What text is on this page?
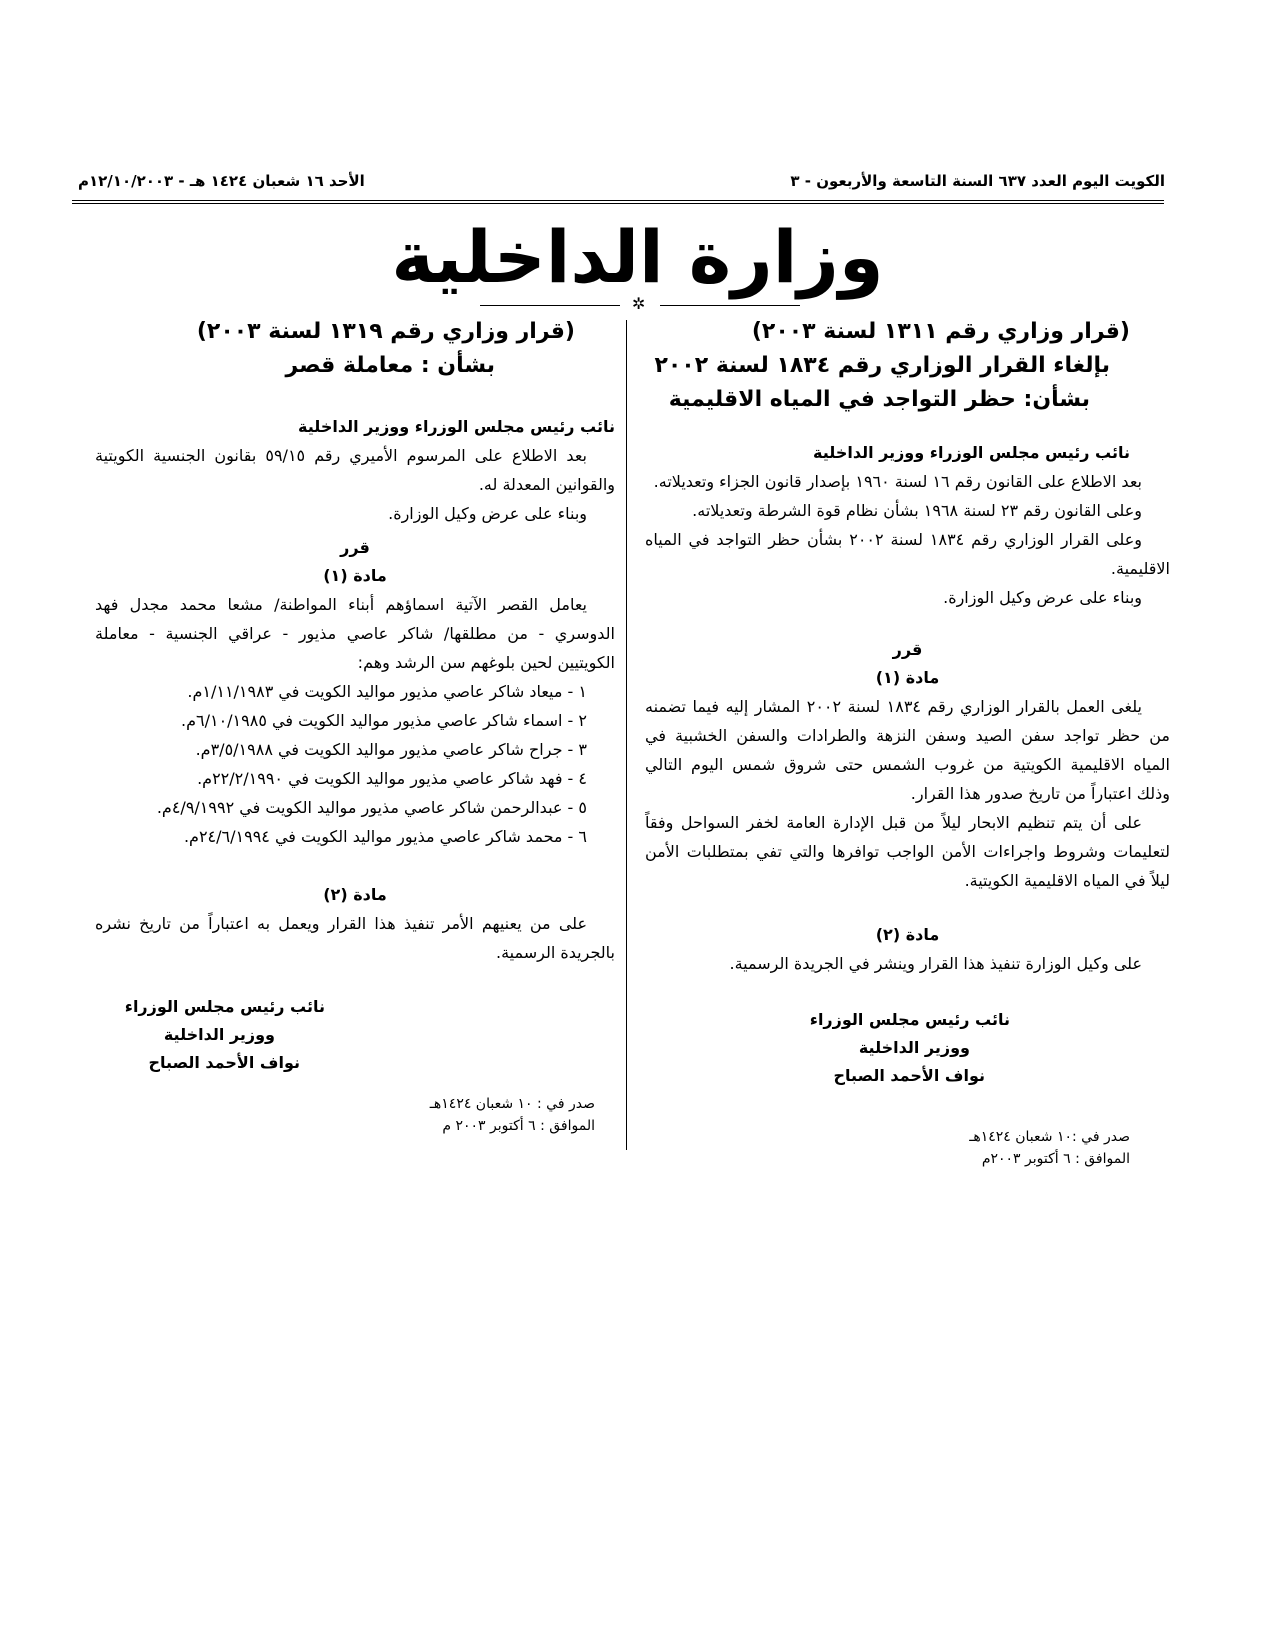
الكويت اليوم العدد ٦٣٧ السنة التاسعة والأربعون - ٣
الأحد ١٦ شعبان ١٤٢٤ هـ - ١٢/١٠/٢٠٠٣م
وزارة الداخلية
✲
(قرار وزاري رقم ١٣١١ لسنة ٢٠٠٣)
بإلغاء القرار الوزاري رقم ١٨٣٤ لسنة ٢٠٠٢
بشأن: حظر التواجد في المياه الاقليمية
نائب رئيس مجلس الوزراء ووزير الداخلية

بعد الاطلاع على القانون رقم ١٦ لسنة ١٩٦٠ بإصدار قانون الجزاء وتعديلاته.

وعلى القانون رقم ٢٣ لسنة ١٩٦٨ بشأن نظام قوة الشرطة وتعديلاته.

وعلى القرار الوزاري رقم ١٨٣٤ لسنة ٢٠٠٢ بشأن حظر التواجد في المياه الاقليمية.

وبناء على عرض وكيل الوزارة.

قرر
مادة (١)

يلغى العمل بالقرار الوزاري رقم ١٨٣٤ لسنة ٢٠٠٢ المشار إليه فيما تضمنه من حظر تواجد سفن الصيد وسفن النزهة والطرادات والسفن الخشبية في المياه الاقليمية الكويتية من غروب الشمس حتى شروق شمس اليوم التالي وذلك اعتباراً من تاريخ صدور هذا القرار.

على أن يتم تنظيم الابحار ليلاً من قبل الإدارة العامة لخفر السواحل وفقاً لتعليمات وشروط واجراءات الأمن الواجب توافرها والتي تفي بمتطلبات الأمن ليلاً في المياه الاقليمية الكويتية.

مادة (٢)

على وكيل الوزارة تنفيذ هذا القرار وينشر في الجريدة الرسمية.

نائب رئيس مجلس الوزراء
ووزير الداخلية
نواف الأحمد الصباح
صدر في :١٠ شعبان ١٤٢٤هـ
الموافق : ٦ أكتوبر ٢٠٠٣م
(قرار وزاري رقم ١٣١٩ لسنة ٢٠٠٣)
بشأن : معاملة قصر
نائب رئيس مجلس الوزراء ووزير الداخلية

بعد الاطلاع على المرسوم الأميري رقم ٥٩/١٥ بقانون الجنسية الكويتية والقوانين المعدلة له.

وبناء على عرض وكيل الوزارة.

قرر
مادة (١)

يعامل القصر الآتية اسماؤهم أبناء المواطنة/ مشعا محمد مجدل فهد الدوسري - من مطلقها/ شاكر عاصي مذيور - عراقي الجنسية - معاملة الكويتيين لحين بلوغهم سن الرشد وهم:

١ - ميعاد شاكر عاصي مذيور مواليد الكويت في ١/١١/١٩٨٣م.

٢ - اسماء شاكر عاصي مذيور مواليد الكويت في ٦/١٠/١٩٨٥م.

٣ - جراح شاكر عاصي مذيور مواليد الكويت في ٣/٥/١٩٨٨م.

٤ - فهد شاكر عاصي مذيور مواليد الكويت في ٢٢/٢/١٩٩٠م.

٥ - عبدالرحمن شاكر عاصي مذيور مواليد الكويت في ٤/٩/١٩٩٢م.

٦ - محمد شاكر عاصي مذيور مواليد الكويت في ٢٤/٦/١٩٩٤م.

مادة (٢)

على من يعنيهم الأمر تنفيذ هذا القرار ويعمل به اعتباراً من تاريخ نشره بالجريدة الرسمية.

نائب رئيس مجلس الوزراء
ووزير الداخلية
نواف الأحمد الصباح
صدر في : ١٠ شعبان ١٤٢٤هـ
الموافق : ٦ أكتوبر ٢٠٠٣ م
